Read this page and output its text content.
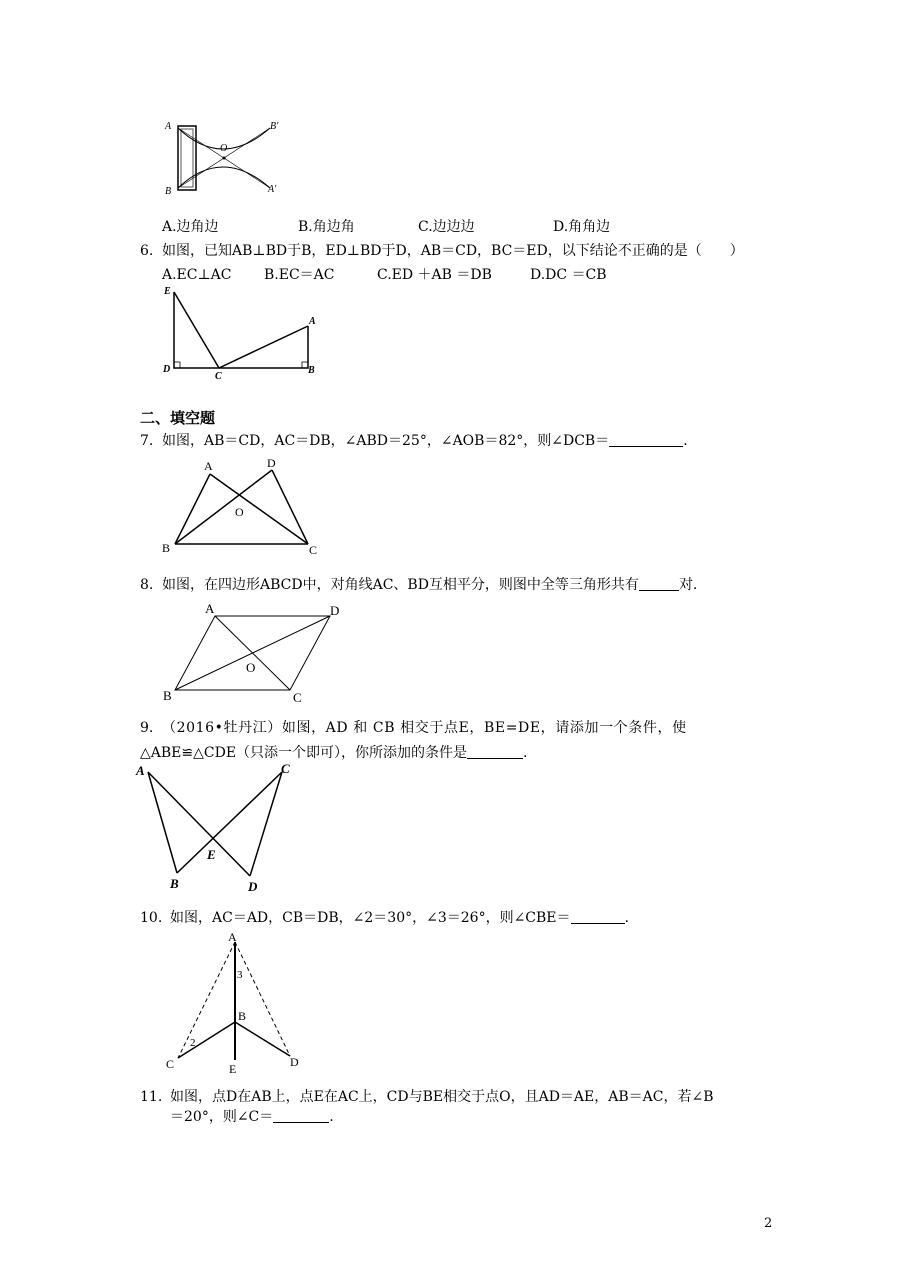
A
B
O
B′
A′
A.边角边	B.角边角	C.边边边	D.角角边
6. 如图，已知AB⊥BD于B，ED⊥BD于D，AB＝CD，BC＝ED，以下结论不正确的是（　　）
A.EC⊥AC B.EC＝AC	C.ED ＋AB ＝DB	D.DC ＝CB
E
D
C
A
B
二、填空题
7. 如图，AB＝CD，AC＝DB，∠ABD＝25°，∠AOB＝82°，则∠DCB＝	.
A	D
O
B	C
8. 如图，在四边形ABCD中，对角线AC、BD互相平分，则图中全等三角形共有	对.
A	D
O
B	C
9. （2016•牡丹江）如图，AD 和 CB 相交于点E，BE=DE，请添加一个条件，使
△ABE≌△CDE（只添一个即可），你所添加的条件是	.
A	C
E
B	D
10. 如图，AC＝AD，CB＝DB，∠2＝30°，∠3＝26°，则∠CBE＝	.
A
3
B
2
C	D
E
11. 如图，点D在AB上，点E在AC上，CD与BE相交于点O，且AD＝AE，AB＝AC，若∠B
＝20°，则∠C＝	.
2
